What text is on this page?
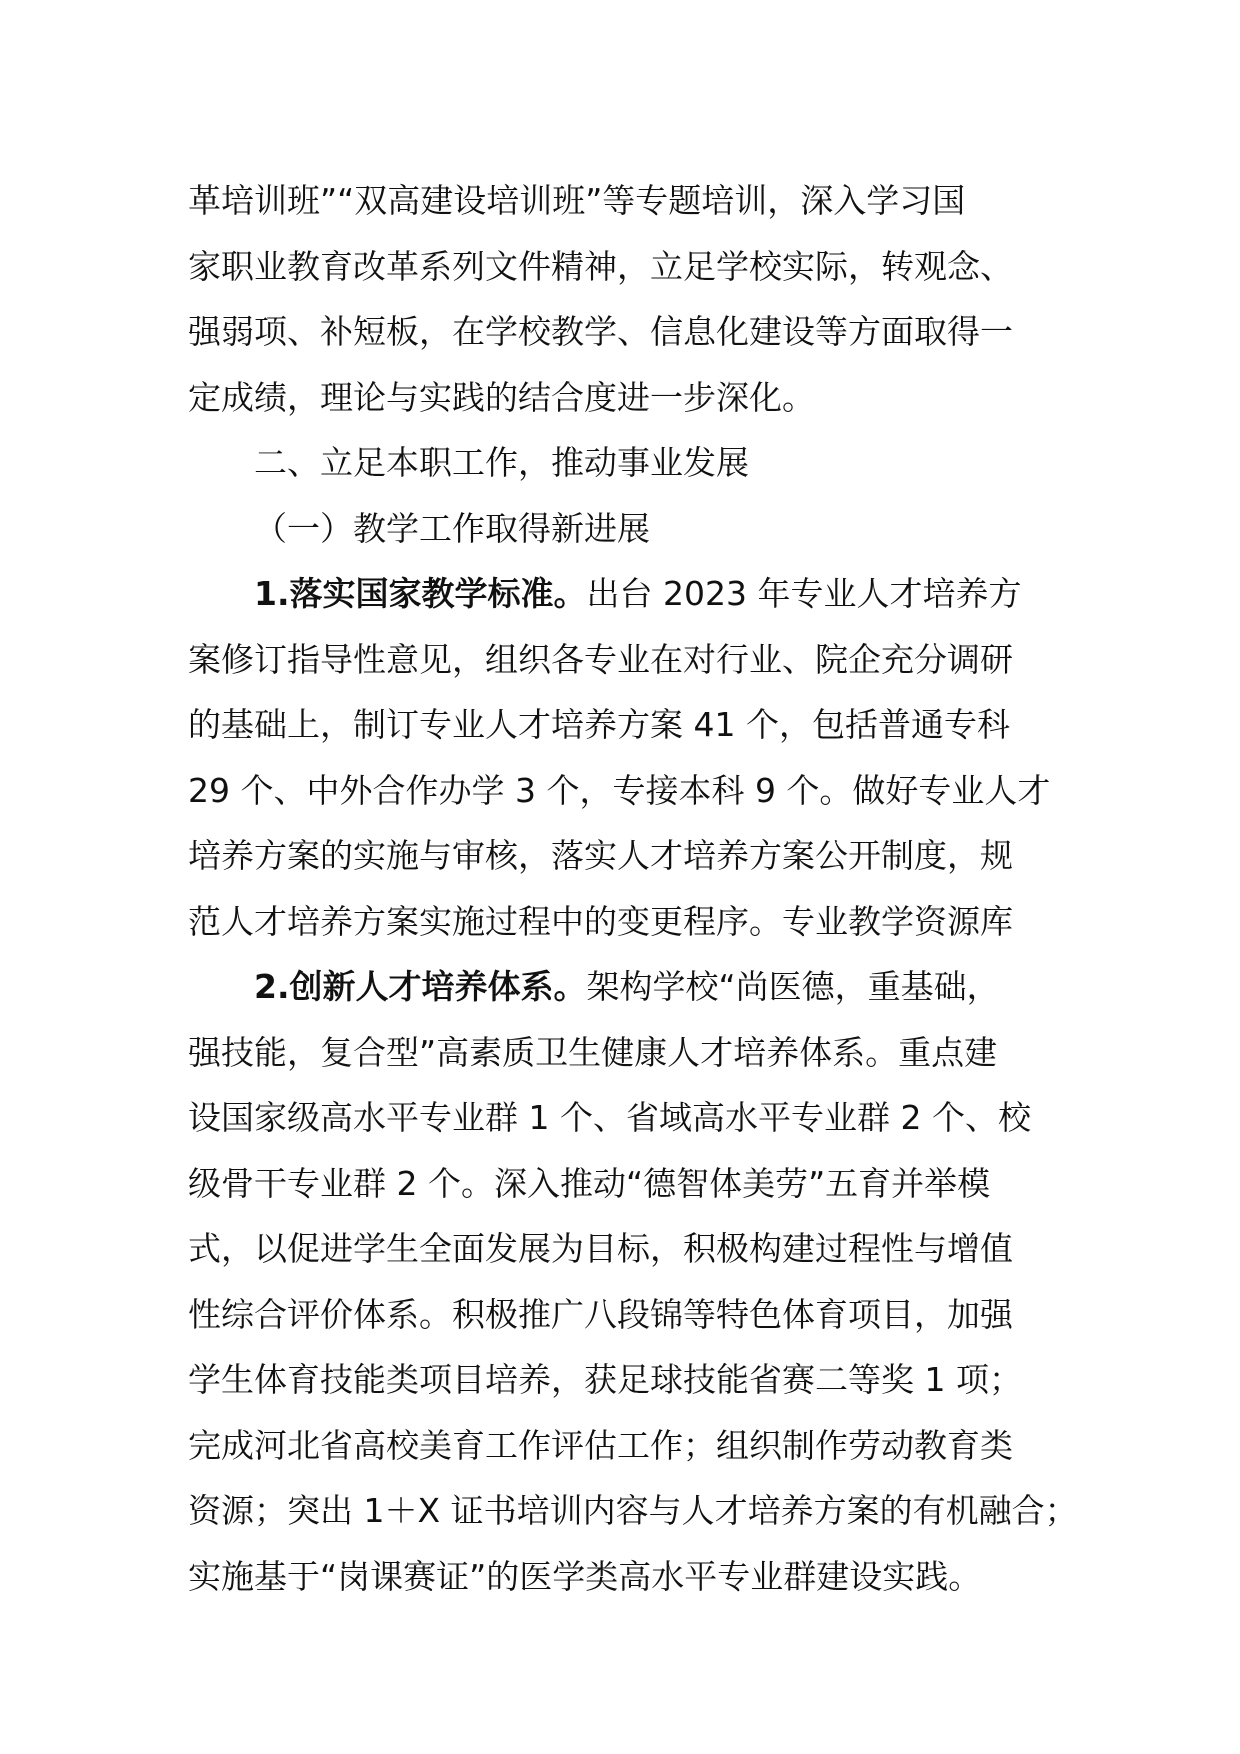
革培训班”“双高建设培训班”等专题培训，深入学习国
家职业教育改革系列文件精神，立足学校实际，转观念、
强弱项、补短板，在学校教学、信息化建设等方面取得一
定成绩，理论与实践的结合度进一步深化。
二、立足本职工作，推动事业发展
（一）教学工作取得新进展
1.落实国家教学标准。出台 2023 年专业人才培养方
案修订指导性意见，组织各专业在对行业、院企充分调研
的基础上，制订专业人才培养方案 41 个，包括普通专科
29 个、中外合作办学 3 个，专接本科 9 个。做好专业人才
培养方案的实施与审核，落实人才培养方案公开制度，规
范人才培养方案实施过程中的变更程序。专业教学资源库
2.创新人才培养体系。架构学校“尚医德，重基础，
强技能，复合型”高素质卫生健康人才培养体系。重点建
设国家级高水平专业群 1 个、省域高水平专业群 2 个、校
级骨干专业群 2 个。深入推动“德智体美劳”五育并举模
式，以促进学生全面发展为目标，积极构建过程性与增值
性综合评价体系。积极推广八段锦等特色体育项目，加强
学生体育技能类项目培养，获足球技能省赛二等奖 1 项；
完成河北省高校美育工作评估工作；组织制作劳动教育类
资源；突出 1＋X 证书培训内容与人才培养方案的有机融合；
实施基于“岗课赛证”的医学类高水平专业群建设实践。
